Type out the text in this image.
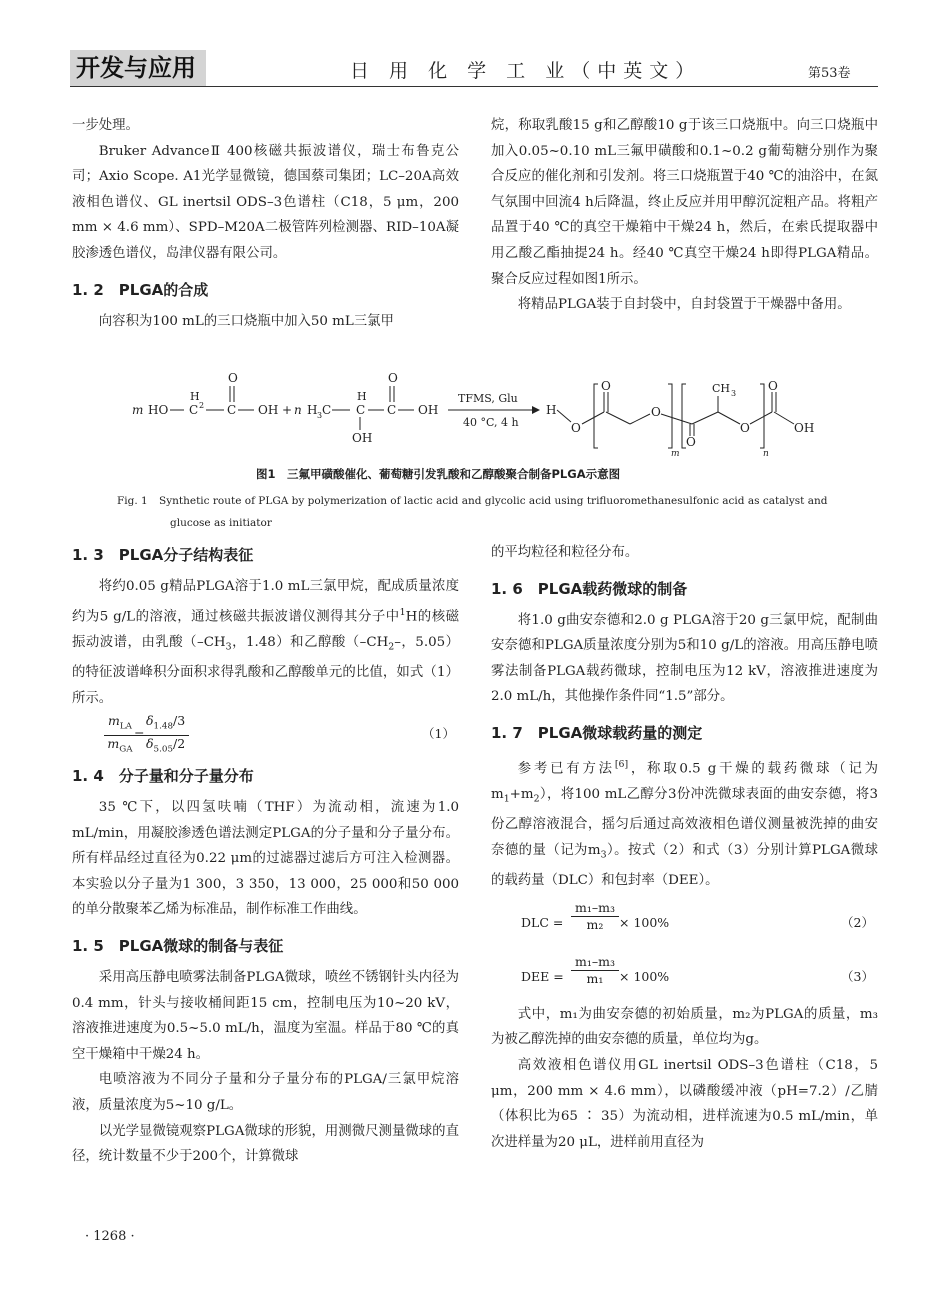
开发与应用	日 用 化 学 工 业（中英文）	第53卷

一步处理。

Bruker AdvanceⅡ 400核磁共振波谱仪，瑞士布鲁克公司；Axio Scope. A1光学显微镜，德国蔡司集团；LC–20A高效液相色谱仪、GL inertsil ODS–3色谱柱（C18，5 μm，200 mm × 4.6 mm）、SPD–M20A二极管阵列检测器、RID–10A凝胶渗透色谱仪，岛津仪器有限公司。

1. 2　PLGA的合成

向容积为100 mL的三口烧瓶中加入50 mL三氯甲

烷，称取乳酸15 g和乙醇酸10 g于该三口烧瓶中。向三口烧瓶中加入0.05~0.10 mL三氟甲磺酸和0.1~0.2 g葡萄糖分别作为聚合反应的催化剂和引发剂。将三口烧瓶置于40 ℃的油浴中，在氮气氛围中回流4 h后降温，终止反应并用甲醇沉淀粗产品。将粗产品置于40 ℃的真空干燥箱中干燥24 h，然后，在索氏提取器中用乙酸乙酯抽提24 h。经40 ℃真空干燥24 h即得PLGA精品。聚合反应过程如图1所示。

将精品PLGA装于自封袋中，自封袋置于干燥器中备用。

m HO
H
C 2 C
O
OH + n H 3 C
H
C
OH
C
O
OH
TFMS, Glu
40 °C, 4 h
H
O
O
O
m
O
CH 3
O
n
O
OH
图1　三氟甲磺酸催化、葡萄糖引发乳酸和乙醇酸聚合制备PLGA示意图
Fig. 1 Synthetic route of PLGA by polymerization of lactic acid and glycolic acid using trifluoromethanesulfonic acid as catalyst and
glucose as initiator

1. 3　PLGA分子结构表征

将约0.05 g精品PLGA溶于1.0 mL三氯甲烷，配成质量浓度约为5 g/L的溶液，通过核磁共振波谱仪测得其分子中$^1$H的核磁振动波谱，由乳酸（$-CH_3$，1.48）和乙醇酸（$-CH_2-$，5.05）的特征波谱峰积分面积求得乳酸和乙醇酸单元的比值，如式（1）所示。

$m_{LA}$
$m_{GA}$
=
$\frac{\delta_{1.48}/3}{\delta_{5.05}/2}$	（1）

1. 4　分子量和分子量分布

35 ℃下，以四氢呋喃（THF）为流动相，流速为1.0 mL/min，用凝胶渗透色谱法测定PLGA的分子量和分子量分布。所有样品经过直径为0.22 μm的过滤器过滤后方可注入检测器。本实验以分子量为1 300，3 350，13 000，25 000和50 000的单分散聚苯乙烯为标准品，制作标准工作曲线。

1. 5　PLGA微球的制备与表征

采用高压静电喷雾法制备PLGA微球，喷丝不锈钢针头内径为0.4 mm，针头与接收桶间距15 cm，控制电压为10~20 kV，溶液推进速度为0.5~5.0 mL/h，温度为室温。样品于80 ℃的真空干燥箱中干燥24 h。

电喷溶液为不同分子量和分子量分布的PLGA/三氯甲烷溶液，质量浓度为5~10 g/L。

以光学显微镜观察PLGA微球的形貌，用测微尺测量微球的直径，统计数量不少于200个，计算微球

的平均粒径和粒径分布。

1. 6　PLGA载药微球的制备

将1.0 g曲安奈德和2.0 g PLGA溶于20 g三氯甲烷，配制曲安奈德和PLGA质量浓度分别为5和10 g/L的溶液。用高压静电喷雾法制备PLGA载药微球，控制电压为12 kV，溶液推进速度为2.0 mL/h，其他操作条件同“1.5”部分。

1. 7　PLGA微球载药量的测定

参考已有方法[6]，称取0.5 g干燥的载药微球（记为$m_1+m_2$），将100 mL乙醇分3份冲洗微球表面的曲安奈德，将3份乙醇溶液混合，摇匀后通过高效液相色谱仪测量被洗掉的曲安奈德的量（记为$m_3$）。按式（2）和式（3）分别计算PLGA微球的载药量（DLC）和包封率（DEE）。

DLC = $\frac{\text{m₁–m₃}}{\text{m₂}} \times 100\%$	（2）
DEE = $\frac{\text{m₁–m₃}}{\text{m₁}} \times 100\%$	（3）

式中，m₁为曲安奈德的初始质量，m₂为PLGA的质量，m₃为被乙醇洗掉的曲安奈德的质量，单位均为g。

高效液相色谱仪用GL inertsil ODS–3色谱柱（C18，5 μm，200 mm × 4.6 mm），以磷酸缓冲液（pH=7.2）/乙腈（体积比为65 ∶ 35）为流动相，进样流速为0.5 mL/min，单次进样量为20 μL，进样前用直径为

· 1268 ·
